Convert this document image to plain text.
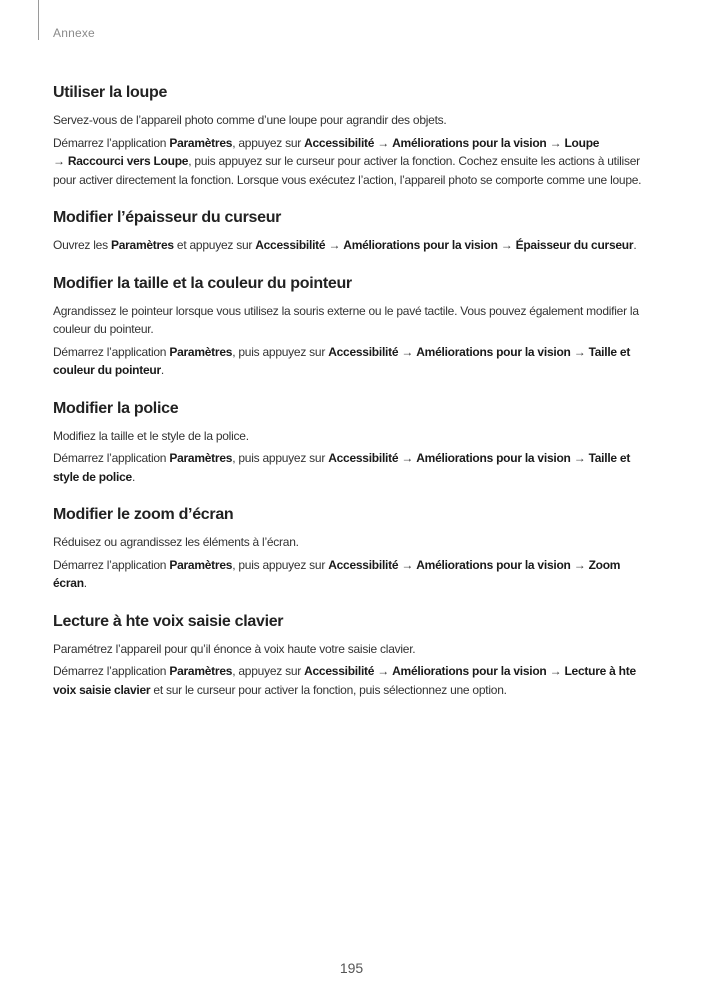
Annexe
Utiliser la loupe

Servez-vous de l’appareil photo comme d’une loupe pour agrandir des objets.

Démarrez l’application Paramètres, appuyez sur Accessibilité → Améliorations pour la vision → Loupe
→ Raccourci vers Loupe, puis appuyez sur le curseur pour activer la fonction. Cochez ensuite les actions à utiliser pour activer directement la fonction. Lorsque vous exécutez l’action, l’appareil photo se comporte comme une loupe.

Modifier l’épaisseur du curseur

Ouvrez les Paramètres et appuyez sur Accessibilité → Améliorations pour la vision → Épaisseur du curseur.

Modifier la taille et la couleur du pointeur

Agrandissez le pointeur lorsque vous utilisez la souris externe ou le pavé tactile. Vous pouvez également modifier la couleur du pointeur.

Démarrez l’application Paramètres, puis appuyez sur Accessibilité → Améliorations pour la vision → Taille et couleur du pointeur.

Modifier la police

Modifiez la taille et le style de la police.

Démarrez l’application Paramètres, puis appuyez sur Accessibilité → Améliorations pour la vision → Taille et style de police.

Modifier le zoom d’écran

Réduisez ou agrandissez les éléments à l’écran.

Démarrez l’application Paramètres, puis appuyez sur Accessibilité → Améliorations pour la vision → Zoom écran.

Lecture à hte voix saisie clavier

Paramétrez l’appareil pour qu’il énonce à voix haute votre saisie clavier.

Démarrez l’application Paramètres, appuyez sur Accessibilité → Améliorations pour la vision → Lecture à hte voix saisie clavier et sur le curseur pour activer la fonction, puis sélectionnez une option.

195
